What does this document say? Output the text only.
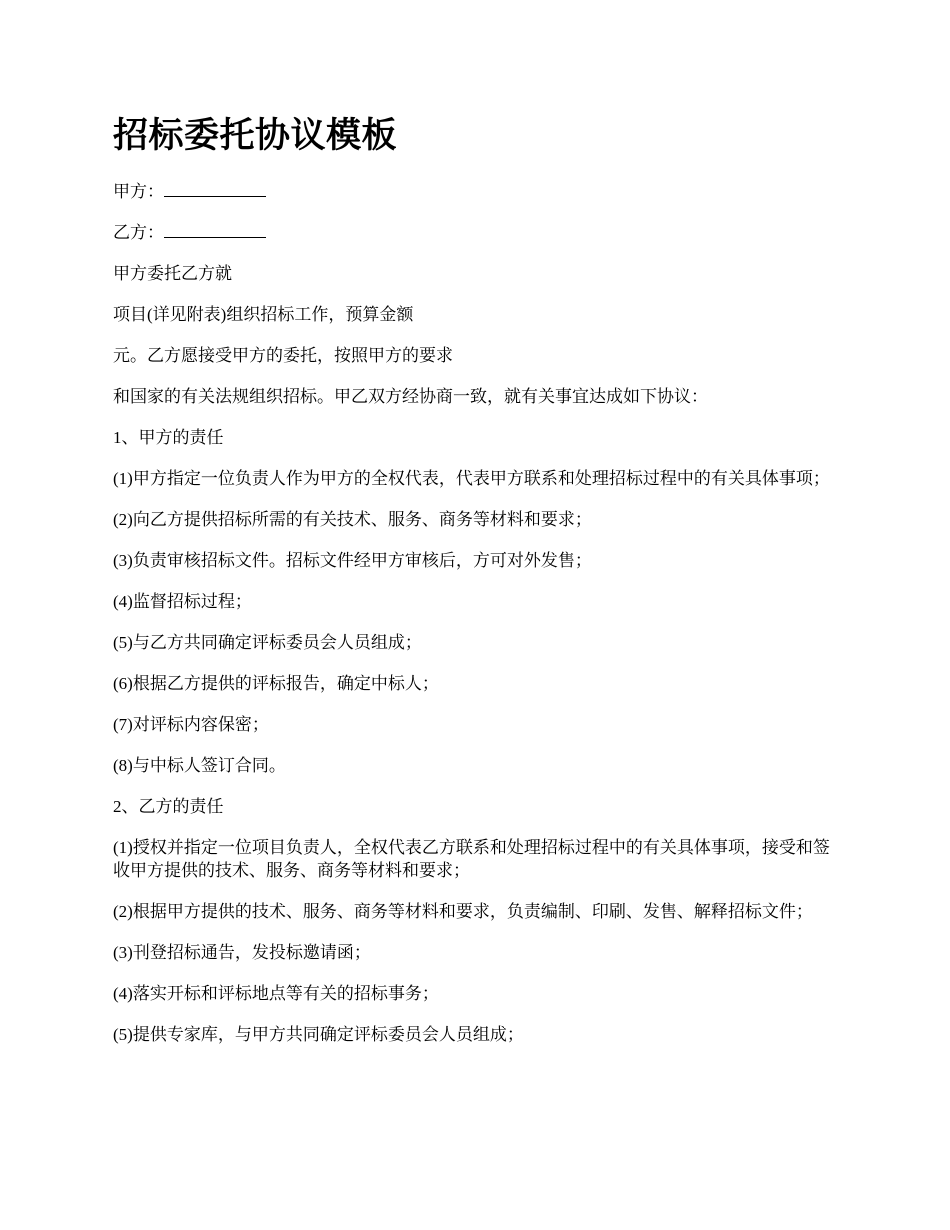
招标委托协议模板

甲方：

乙方：

甲方委托乙方就

项目(详见附表)组织招标工作，预算金额

元。乙方愿接受甲方的委托，按照甲方的要求

和国家的有关法规组织招标。甲乙双方经协商一致，就有关事宜达成如下协议：

1、甲方的责任

(1)甲方指定一位负责人作为甲方的全权代表，代表甲方联系和处理招标过程中的有关具体事项；

(2)向乙方提供招标所需的有关技术、服务、商务等材料和要求；

(3)负责审核招标文件。招标文件经甲方审核后，方可对外发售；

(4)监督招标过程；

(5)与乙方共同确定评标委员会人员组成；

(6)根据乙方提供的评标报告，确定中标人；

(7)对评标内容保密；

(8)与中标人签订合同。

2、乙方的责任

(1)授权并指定一位项目负责人，全权代表乙方联系和处理招标过程中的有关具体事项，接受和签收甲方提供的技术、服务、商务等材料和要求；

(2)根据甲方提供的技术、服务、商务等材料和要求，负责编制、印刷、发售、解释招标文件；

(3)刊登招标通告，发投标邀请函；

(4)落实开标和评标地点等有关的招标事务；

(5)提供专家库，与甲方共同确定评标委员会人员组成；
